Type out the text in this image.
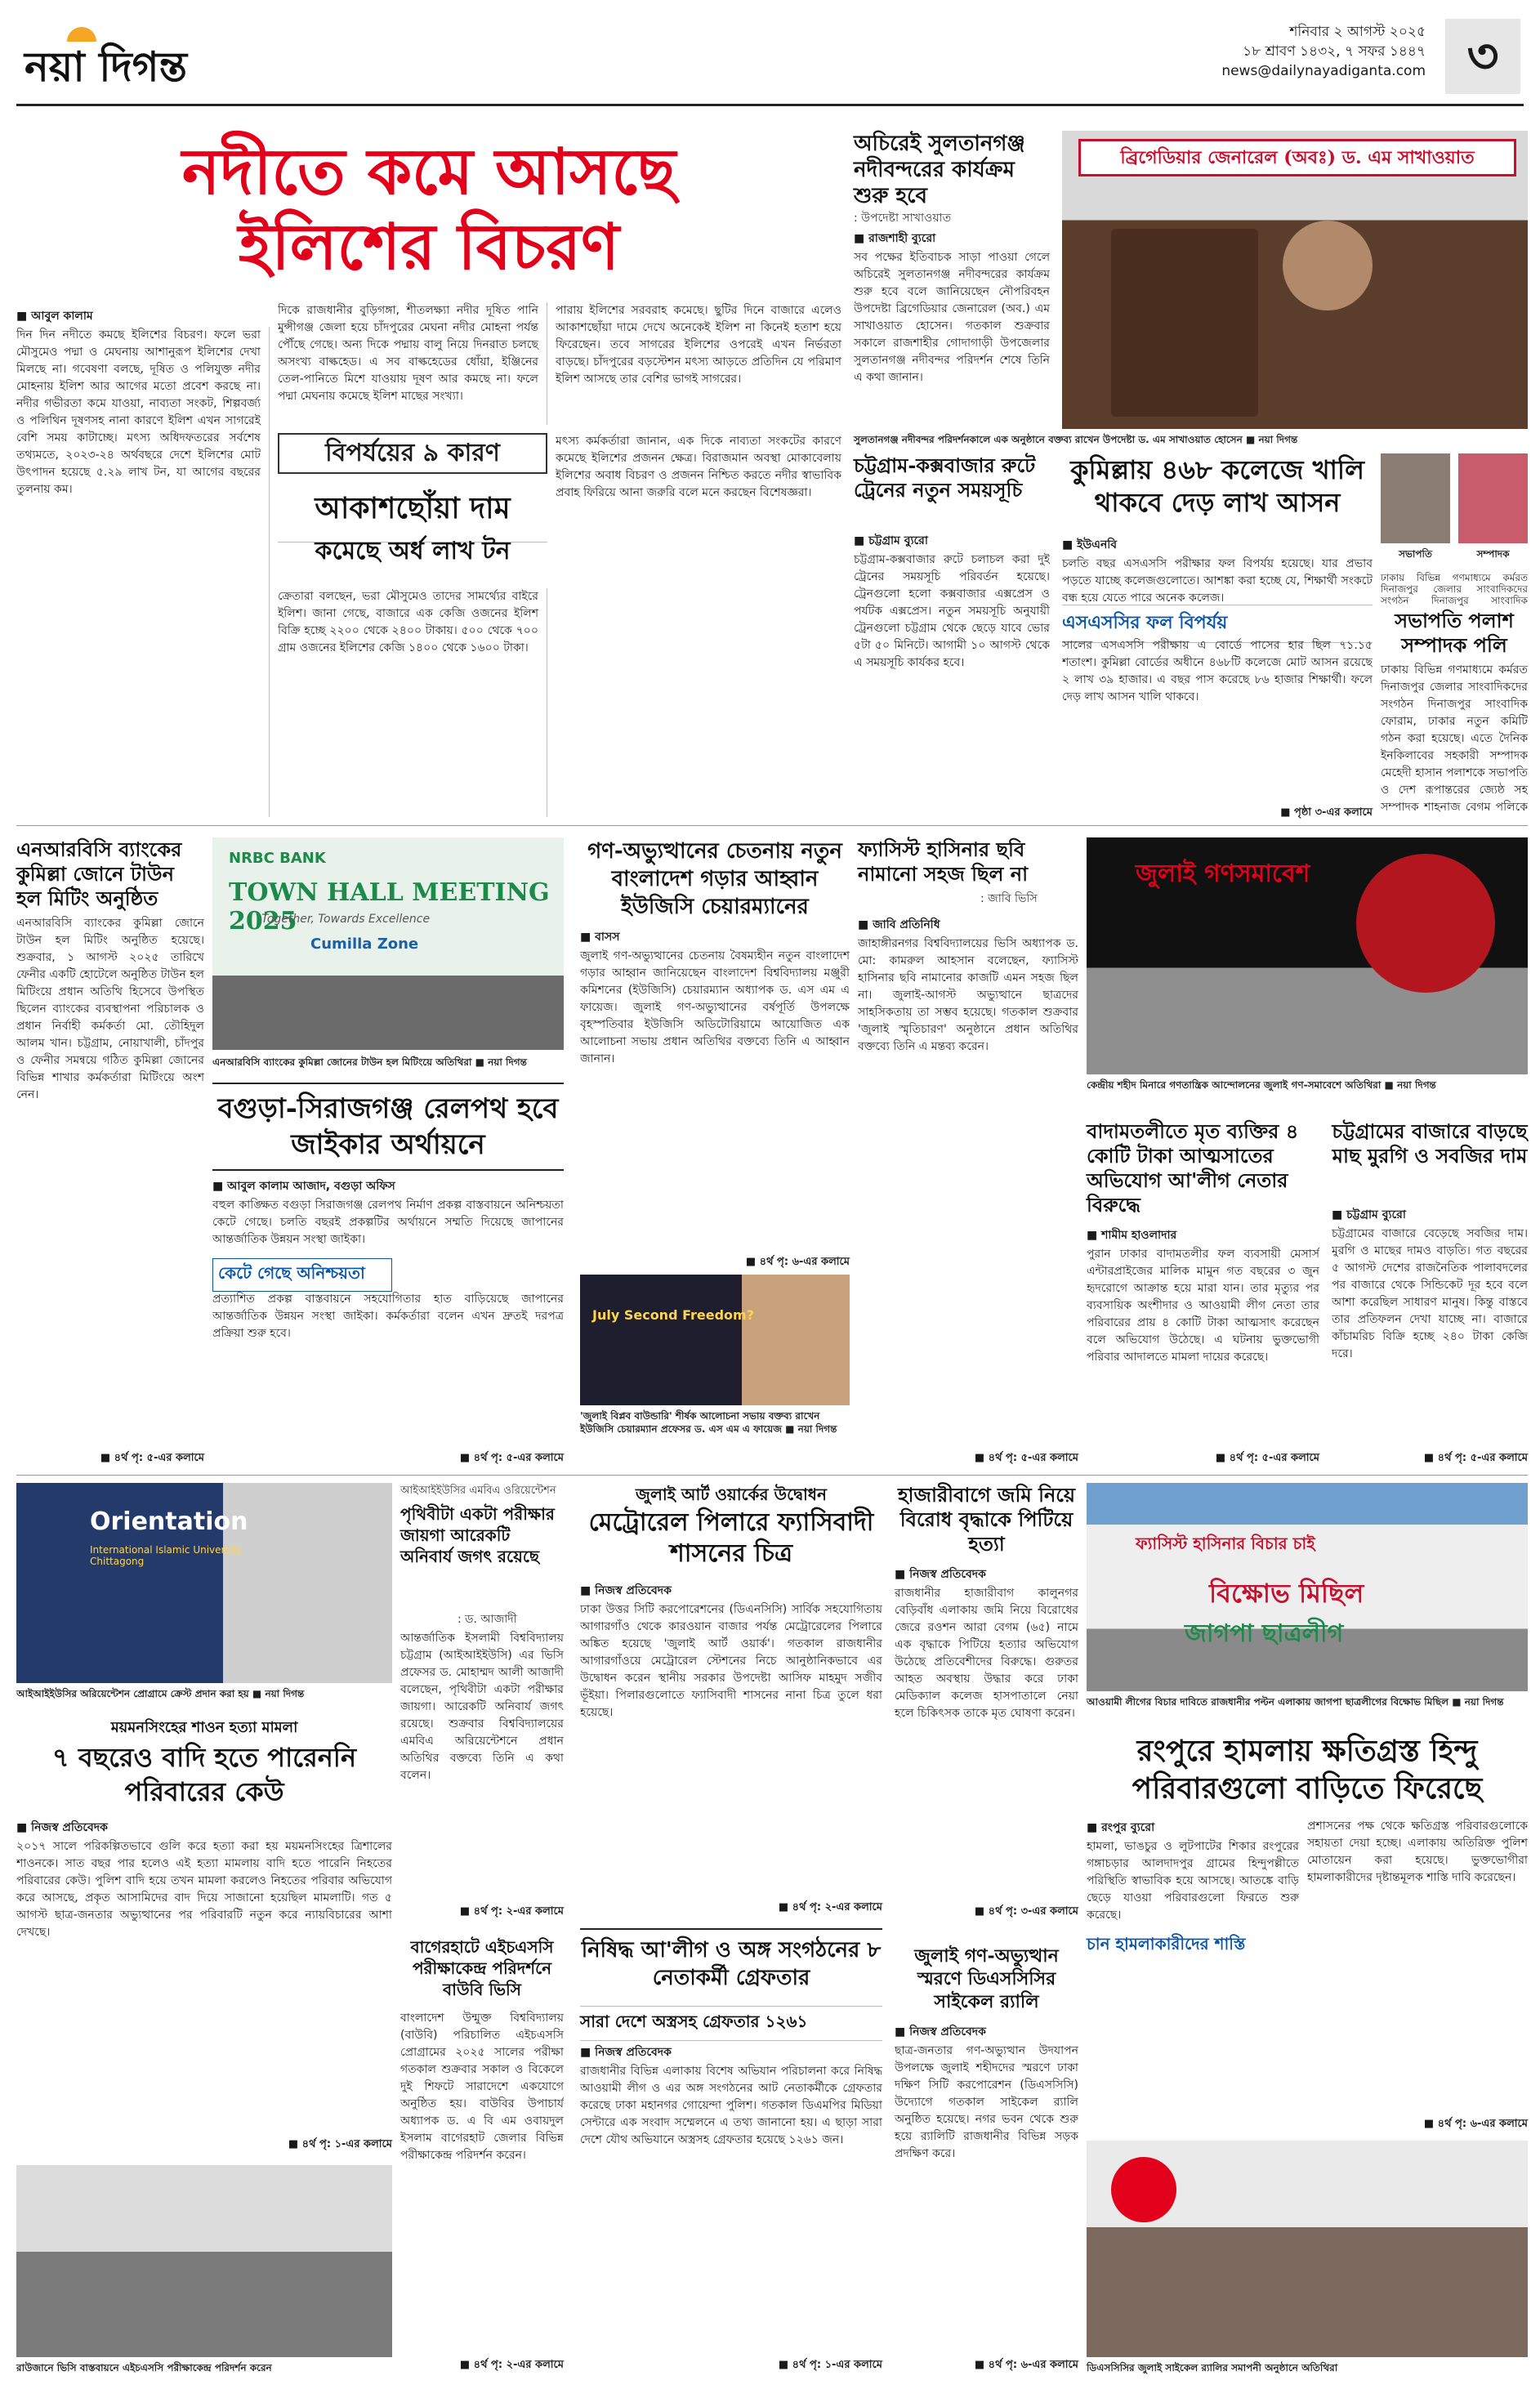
নয়া দিগন্ত
শনিবার ২ আগস্ট ২০২৫
১৮ শ্রাবণ ১৪৩২, ৭ সফর ১৪৪৭
news@dailynayadiganta.com ৩
নদীতে কমে আসছে ইলিশের বিচরণ
■ আবুল কালাম
দিন দিন নদীতে কমছে ইলিশের বিচরণ। ফলে ভরা মৌসুমেও পদ্মা ও মেঘনায় আশানুরূপ ইলিশের দেখা মিলছে না। গবেষণা বলছে, দূষিত ও পলিযুক্ত নদীর মোহনায় ইলিশ আর আগের মতো প্রবেশ করছে না। নদীর গভীরতা কমে যাওয়া, নাব্যতা সংকট, শিল্পবর্জ্য ও পলিথিন দূষণসহ নানা কারণে ইলিশ এখন সাগরেই বেশি সময় কাটাচ্ছে। মৎস্য অধিদফতরের সর্বশেষ তথ্যমতে, ২০২৩-২৪ অর্থবছরে দেশে ইলিশের মোট উৎপাদন হয়েছে ৫.২৯ লাখ টন, যা আগের বছরের তুলনায় কম।
দিকে রাজধানীর বুড়িগঙ্গা, শীতলক্ষ্যা নদীর দূষিত পানি মুন্সীগঞ্জ জেলা হয়ে চাঁদপুরের মেঘনা নদীর মোহনা পর্যন্ত পৌঁছে গেছে। অন্য দিকে পদ্মায় বালু নিয়ে দিনরাত চলছে অসংখ্য বাল্কহেড। এ সব বাল্কহেডের ধোঁয়া, ইঞ্জিনের তেল-পানিতে মিশে যাওয়ায় দূষণ আর কমছে না। ফলে পদ্মা মেঘনায় কমেছে ইলিশ মাছের সংখ্যা।
পারায় ইলিশের সরবরাহ কমেছে। ছুটির দিনে বাজারে এলেও আকাশছোঁয়া দামে দেখে অনেকেই ইলিশ না কিনেই হতাশ হয়ে ফিরেছেন। তবে সাগরের ইলিশের ওপরেই এখন নির্ভরতা বাড়ছে। চাঁদপুরের বড়স্টেশন মৎস্য আড়তে প্রতিদিন যে পরিমাণ ইলিশ আসছে তার বেশির ভাগই সাগরের।
বিপর্যয়ের ৯ কারণ
আকাশছোঁয়া দাম
কমেছে অর্ধ লাখ টন
ক্রেতারা বলছেন, ভরা মৌসুমেও তাদের সামর্থ্যের বাইরে ইলিশ। জানা গেছে, বাজারে এক কেজি ওজনের ইলিশ বিক্রি হচ্ছে ২২০০ থেকে ২৪০০ টাকায়। ৫০০ থেকে ৭০০ গ্রাম ওজনের ইলিশের কেজি ১৪০০ থেকে ১৬০০ টাকা।
মৎস্য কর্মকর্তারা জানান, এক দিকে নাব্যতা সংকটের কারণে কমেছে ইলিশের প্রজনন ক্ষেত্র। বিরাজমান অবস্থা মোকাবেলায় ইলিশের অবাধ বিচরণ ও প্রজনন নিশ্চিত করতে নদীর স্বাভাবিক প্রবাহ ফিরিয়ে আনা জরুরি বলে মনে করছেন বিশেষজ্ঞরা।
অচিরেই সুলতানগঞ্জ নদীবন্দরের কার্যক্রম শুরু হবে
: উপদেষ্টা সাখাওয়াত
■ রাজশাহী ব্যুরো
সব পক্ষের ইতিবাচক সাড়া পাওয়া গেলে অচিরেই সুলতানগঞ্জ নদীবন্দরের কার্যক্রম শুরু হবে বলে জানিয়েছেন নৌপরিবহন উপদেষ্টা ব্রিগেডিয়ার জেনারেল (অব.) এম সাখাওয়াত হোসেন। গতকাল শুক্রবার সকালে রাজশাহীর গোদাগাড়ী উপজেলার সুলতানগঞ্জ নদীবন্দর পরিদর্শন শেষে তিনি এ কথা জানান।
ব্রিগেডিয়ার জেনারেল (অবঃ) ড. এম সাখাওয়াত
সুলতানগঞ্জ নদীবন্দর পরিদর্শনকালে এক অনুষ্ঠানে বক্তব্য রাখেন উপদেষ্টা ড. এম সাখাওয়াত হোসেন ■ নয়া দিগন্ত
চট্টগ্রাম-কক্সবাজার রুটে ট্রেনের নতুন সময়সূচি
■ চট্টগ্রাম ব্যুরো
চট্টগ্রাম-কক্সবাজার রুটে চলাচল করা দুই ট্রেনের সময়সূচি পরিবর্তন হয়েছে। ট্রেনগুলো হলো কক্সবাজার এক্সপ্রেস ও পর্যটক এক্সপ্রেস। নতুন সময়সূচি অনুযায়ী ট্রেনগুলো চট্টগ্রাম থেকে ছেড়ে যাবে ভোর ৫টা ৫০ মিনিটে। আগামী ১০ আগস্ট থেকে এ সময়সূচি কার্যকর হবে।
কুমিল্লায় ৪৬৮ কলেজে খালি থাকবে দেড় লাখ আসন
■ ইউএনবি
চলতি বছর এসএসসি পরীক্ষার ফল বিপর্যয় হয়েছে। যার প্রভাব পড়তে যাচ্ছে কলেজগুলোতে। আশঙ্কা করা হচ্ছে যে, শিক্ষার্থী সংকটে বন্ধ হয়ে যেতে পারে অনেক কলেজ।
এসএসসির ফল বিপর্যয়
সালের এসএসসি পরীক্ষায় এ বোর্ডে পাসের হার ছিল ৭১.১৫ শতাংশ। কুমিল্লা বোর্ডের অধীনে ৪৬৮টি কলেজে মোট আসন রয়েছে ২ লাখ ৩৯ হাজার। এ বছর পাস করেছে ৮৬ হাজার শিক্ষার্থী। ফলে দেড় লাখ আসন খালি থাকবে।
■ পৃষ্ঠা ৩-এর কলামে
সভাপতি	সম্পাদক
ঢাকায় বিভিন্ন গণমাধ্যমে কর্মরত দিনাজপুর জেলার সাংবাদিকদের সংগঠন দিনাজপুর সাংবাদিক
সভাপতি পলাশ সম্পাদক পলি
ঢাকায় বিভিন্ন গণমাধ্যমে কর্মরত দিনাজপুর জেলার সাংবাদিকদের সংগঠন দিনাজপুর সাংবাদিক ফোরাম, ঢাকার নতুন কমিটি গঠন করা হয়েছে। এতে দৈনিক ইনকিলাবের সহকারী সম্পাদক মেহেদী হাসান পলাশকে সভাপতি ও দেশ রূপান্তরের জ্যেষ্ঠ সহ সম্পাদক শাহনাজ বেগম পলিকে
এনআরবিসি ব্যাংকের কুমিল্লা জোনে টাউন হল মিটিং অনুষ্ঠিত
এনআরবিসি ব্যাংকের কুমিল্লা জোনে টাউন হল মিটিং অনুষ্ঠিত হয়েছে। শুক্রবার, ১ আগস্ট ২০২৫ তারিখে ফেনীর একটি হোটেলে অনুষ্ঠিত টাউন হল মিটিংয়ে প্রধান অতিথি হিসেবে উপস্থিত ছিলেন ব্যাংকের ব্যবস্থাপনা পরিচালক ও প্রধান নির্বাহী কর্মকর্তা মো. তৌহিদুল আলম খান। চট্টগ্রাম, নোয়াখালী, চাঁদপুর ও ফেনীর সমন্বয়ে গঠিত কুমিল্লা জোনের বিভিন্ন শাখার কর্মকর্তারা মিটিংয়ে অংশ নেন।
■ ৪র্থ পৃ: ৫-এর কলামে
NRBC BANK
TOWN HALL MEETING 2025
Together, Towards Excellence
Cumilla Zone
এনআরবিসি ব্যাংকের কুমিল্লা জোনের টাউন হল মিটিংয়ে অতিথিরা ■ নয়া দিগন্ত
বগুড়া-সিরাজগঞ্জ রেলপথ হবে জাইকার অর্থায়নে
■ আবুল কালাম আজাদ, বগুড়া অফিস
বহুল কাঙ্ক্ষিত বগুড়া সিরাজগঞ্জ রেলপথ নির্মাণ প্রকল্প বাস্তবায়নে অনিশ্চয়তা কেটে গেছে। চলতি বছরই প্রকল্পটির অর্থায়নে সম্মতি দিয়েছে জাপানের আন্তর্জাতিক উন্নয়ন সংস্থা জাইকা।
কেটে গেছে অনিশ্চয়তা
প্রত্যাশিত প্রকল্প বাস্তবায়নে সহযোগিতার হাত বাড়িয়েছে জাপানের আন্তর্জাতিক উন্নয়ন সংস্থা জাইকা। কর্মকর্তারা বলেন এখন দ্রুতই দরপত্র প্রক্রিয়া শুরু হবে।
■ ৪র্থ পৃ: ৫-এর কলামে
গণ-অভ্যুত্থানের চেতনায় নতুন বাংলাদেশ গড়ার আহ্বান ইউজিসি চেয়ারম্যানের
■ বাসস
জুলাই গণ-অভ্যুত্থানের চেতনায় বৈষম্যহীন নতুন বাংলাদেশ গড়ার আহ্বান জানিয়েছেন বাংলাদেশ বিশ্ববিদ্যালয় মঞ্জুরী কমিশনের (ইউজিসি) চেয়ারম্যান অধ্যাপক ড. এস এম এ ফায়েজ। জুলাই গণ-অভ্যুত্থানের বর্ষপূর্তি উপলক্ষে বৃহস্পতিবার ইউজিসি অডিটোরিয়ামে আয়োজিত এক আলোচনা সভায় প্রধান অতিথির বক্তব্যে তিনি এ আহ্বান জানান।
■ ৪র্থ পৃ: ৬-এর কলামে
July Second Freedom?
'জুলাই বিপ্লব বাউন্ডারি' শীর্ষক আলোচনা সভায় বক্তব্য রাখেন ইউজিসি চেয়ারম্যান প্রফেসর ড. এস এম এ ফায়েজ ■ নয়া দিগন্ত
ফ্যাসিস্ট হাসিনার ছবি নামানো সহজ ছিল না
: জাবি ভিসি
■ জাবি প্রতিনিধি
জাহাঙ্গীরনগর বিশ্ববিদ্যালয়ের ভিসি অধ্যাপক ড. মো: কামরুল আহসান বলেছেন, ফ্যাসিস্ট হাসিনার ছবি নামানোর কাজটি এমন সহজ ছিল না। জুলাই-আগস্ট অভ্যুত্থানে ছাত্রদের সাহসিকতায় তা সম্ভব হয়েছে। গতকাল শুক্রবার 'জুলাই স্মৃতিচারণ' অনুষ্ঠানে প্রধান অতিথির বক্তব্যে তিনি এ মন্তব্য করেন।
■ ৪র্থ পৃ: ৫-এর কলামে
জুলাই গণসমাবেশ
কেন্দ্রীয় শহীদ মিনারে গণতান্ত্রিক আন্দোলনের জুলাই গণ-সমাবেশে অতিথিরা ■ নয়া দিগন্ত
বাদামতলীতে মৃত ব্যক্তির ৪ কোটি টাকা আত্মসাতের অভিযোগ আ'লীগ নেতার বিরুদ্ধে
■ শামীম হাওলাদার
পুরান ঢাকার বাদামতলীর ফল ব্যবসায়ী মেসার্স এন্টারপ্রাইজের মালিক মামুন গত বছরের ৩ জুন হৃদরোগে আক্রান্ত হয়ে মারা যান। তার মৃত্যুর পর ব্যবসায়িক অংশীদার ও আওয়ামী লীগ নেতা তার পরিবারের প্রায় ৪ কোটি টাকা আত্মসাৎ করেছেন বলে অভিযোগ উঠেছে। এ ঘটনায় ভুক্তভোগী পরিবার আদালতে মামলা দায়ের করেছে।
■ ৪র্থ পৃ: ৫-এর কলামে
চট্টগ্রামের বাজারে বাড়ছে মাছ মুরগি ও সবজির দাম
■ চট্টগ্রাম ব্যুরো
চট্টগ্রামের বাজারে বেড়েছে সবজির দাম। মুরগি ও মাছের দামও বাড়তি। গত বছরের ৫ আগস্ট দেশের রাজনৈতিক পালাবদলের পর বাজারে থেকে সিন্ডিকেট দূর হবে বলে আশা করেছিল সাধারণ মানুষ। কিন্তু বাস্তবে তার প্রতিফলন দেখা যাচ্ছে না। বাজারে কাঁচামরিচ বিক্রি হচ্ছে ২৪০ টাকা কেজি দরে।
■ ৪র্থ পৃ: ৫-এর কলামে
Orientation
International Islamic University Chittagong
আইআইইউসির অরিয়েন্টেশন প্রোগ্রামে ক্রেস্ট প্রদান করা হয় ■ নয়া দিগন্ত
আইআইইউসির এমবিএ ওরিয়েন্টেশন
পৃথিবীটা একটা পরীক্ষার জায়গা আরেকটি অনিবার্য জগৎ রয়েছে
: ড. আজাদী
আন্তর্জাতিক ইসলামী বিশ্ববিদ্যালয় চট্টগ্রাম (আইআইইউসি) এর ভিসি প্রফেসর ড. মোহাম্মদ আলী আজাদী বলেছেন, পৃথিবীটা একটা পরীক্ষার জায়গা। আরেকটি অনিবার্য জগৎ রয়েছে। শুক্রবার বিশ্ববিদ্যালয়ের এমবিএ অরিয়েন্টেশনে প্রধান অতিথির বক্তব্যে তিনি এ কথা বলেন।
■ ৪র্থ পৃ: ২-এর কলামে
বাগেরহাটে এইচএসসি পরীক্ষাকেন্দ্র পরিদর্শনে বাউবি ভিসি
বাংলাদেশ উন্মুক্ত বিশ্ববিদ্যালয় (বাউবি) পরিচালিত এইচএসসি প্রোগ্রামের ২০২৫ সালের পরীক্ষা গতকাল শুক্রবার সকাল ও বিকেলে দুই শিফটে সারাদেশে একযোগে অনুষ্ঠিত হয়। বাউবির উপাচার্য অধ্যাপক ড. এ বি এম ওবায়দুল ইসলাম বাগেরহাট জেলার বিভিন্ন পরীক্ষাকেন্দ্র পরিদর্শন করেন।
■ ৪র্থ পৃ: ২-এর কলামে
ময়মনসিংহের শাওন হত্যা মামলা
৭ বছরেও বাদি হতে পারেননি পরিবারের কেউ
■ নিজস্ব প্রতিবেদক
২০১৭ সালে পরিকল্পিতভাবে গুলি করে হত্যা করা হয় ময়মনসিংহের ত্রিশালের শাওনকে। সাত বছর পার হলেও এই হত্যা মামলায় বাদি হতে পারেনি নিহতের পরিবারের কেউ। পুলিশ বাদি হয়ে তখন মামলা করলেও নিহতের পরিবার অভিযোগ করে আসছে, প্রকৃত আসামিদের বাদ দিয়ে সাজানো হয়েছিল মামলাটি। গত ৫ আগস্ট ছাত্র-জনতার অভ্যুত্থানের পর পরিবারটি নতুন করে ন্যায়বিচারের আশা দেখছে।
■ ৪র্থ পৃ: ১-এর কলামে
রাউজানে ভিসি বাস্তবায়নে এইচএসসি পরীক্ষাকেন্দ্র পরিদর্শন করেন
জুলাই আর্ট ওয়ার্কের উদ্বোধন
মেট্রোরেল পিলারে ফ্যাসিবাদী শাসনের চিত্র
■ নিজস্ব প্রতিবেদক
ঢাকা উত্তর সিটি করপোরেশনের (ডিএনসিসি) সার্বিক সহযোগিতায় আগারগাঁও থেকে কারওয়ান বাজার পর্যন্ত মেট্রোরেলের পিলারে অঙ্কিত হয়েছে 'জুলাই আর্ট ওয়ার্ক'। গতকাল রাজধানীর আগারগাঁওয়ে মেট্রোরেল স্টেশনের নিচে আনুষ্ঠানিকভাবে এর উদ্বোধন করেন স্থানীয় সরকার উপদেষ্টা আসিফ মাহমুদ সজীব ভূঁইয়া। পিলারগুলোতে ফ্যাসিবাদী শাসনের নানা চিত্র তুলে ধরা হয়েছে।
■ ৪র্থ পৃ: ২-এর কলামে
নিষিদ্ধ আ'লীগ ও অঙ্গ সংগঠনের ৮ নেতাকর্মী গ্রেফতার
সারা দেশে অস্ত্রসহ গ্রেফতার ১২৬১
■ নিজস্ব প্রতিবেদক
রাজধানীর বিভিন্ন এলাকায় বিশেষ অভিযান পরিচালনা করে নিষিদ্ধ আওয়ামী লীগ ও এর অঙ্গ সংগঠনের আট নেতাকর্মীকে গ্রেফতার করেছে ঢাকা মহানগর গোয়েন্দা পুলিশ। গতকাল ডিএমপির মিডিয়া সেন্টারে এক সংবাদ সম্মেলনে এ তথ্য জানানো হয়। এ ছাড়া সারা দেশে যৌথ অভিযানে অস্ত্রসহ গ্রেফতার হয়েছে ১২৬১ জন।
■ ৪র্থ পৃ: ১-এর কলামে
হাজারীবাগে জমি নিয়ে বিরোধ বৃদ্ধাকে পিটিয়ে হত্যা
■ নিজস্ব প্রতিবেদক
রাজধানীর হাজারীবাগ কালুনগর বেড়িবাঁধ এলাকায় জমি নিয়ে বিরোধের জেরে রওশন আরা বেগম (৬৫) নামে এক বৃদ্ধাকে পিটিয়ে হত্যার অভিযোগ উঠেছে প্রতিবেশীদের বিরুদ্ধে। গুরুতর আহত অবস্থায় উদ্ধার করে ঢাকা মেডিক্যাল কলেজ হাসপাতালে নেয়া হলে চিকিৎসক তাকে মৃত ঘোষণা করেন।
■ ৪র্থ পৃ: ৩-এর কলামে
জুলাই গণ-অভ্যুত্থান স্মরণে ডিএসসিসির সাইকেল র‍্যালি
■ নিজস্ব প্রতিবেদক
ছাত্র-জনতার গণ-অভ্যুত্থান উদযাপন উপলক্ষে জুলাই শহীদদের স্মরণে ঢাকা দক্ষিণ সিটি করপোরেশন (ডিএসসিসি) উদ্যোগে গতকাল সাইকেল র‍্যালি অনুষ্ঠিত হয়েছে। নগর ভবন থেকে শুরু হয়ে র‍্যালিটি রাজধানীর বিভিন্ন সড়ক প্রদক্ষিণ করে।
■ ৪র্থ পৃ: ৬-এর কলামে
ফ্যাসিস্ট হাসিনার বিচার চাই
বিক্ষোভ মিছিল
জাগপা ছাত্রলীগ
আওয়ামী লীগের বিচার দাবিতে রাজধানীর পল্টন এলাকায় জাগপা ছাত্রলীগের বিক্ষোভ মিছিল ■ নয়া দিগন্ত
রংপুরে হামলায় ক্ষতিগ্রস্ত হিন্দু পরিবারগুলো বাড়িতে ফিরেছে
■ রংপুর ব্যুরো
হামলা, ভাঙচুর ও লুটপাটের শিকার রংপুরের গঙ্গাচড়ার আলদাদপুর গ্রামের হিন্দুপল্লীতে পরিস্থিতি স্বাভাবিক হয়ে আসছে। আতঙ্কে বাড়ি ছেড়ে যাওয়া পরিবারগুলো ফিরতে শুরু করেছে।
চান হামলাকারীদের শাস্তি
প্রশাসনের পক্ষ থেকে ক্ষতিগ্রস্ত পরিবারগুলোকে সহায়তা দেয়া হচ্ছে। এলাকায় অতিরিক্ত পুলিশ মোতায়েন করা হয়েছে। ভুক্তভোগীরা হামলাকারীদের দৃষ্টান্তমূলক শাস্তি দাবি করেছেন।
■ ৪র্থ পৃ: ৬-এর কলামে
ডিএসসিসির জুলাই সাইকেল র‍্যালির সমাপনী অনুষ্ঠানে অতিথিরা
